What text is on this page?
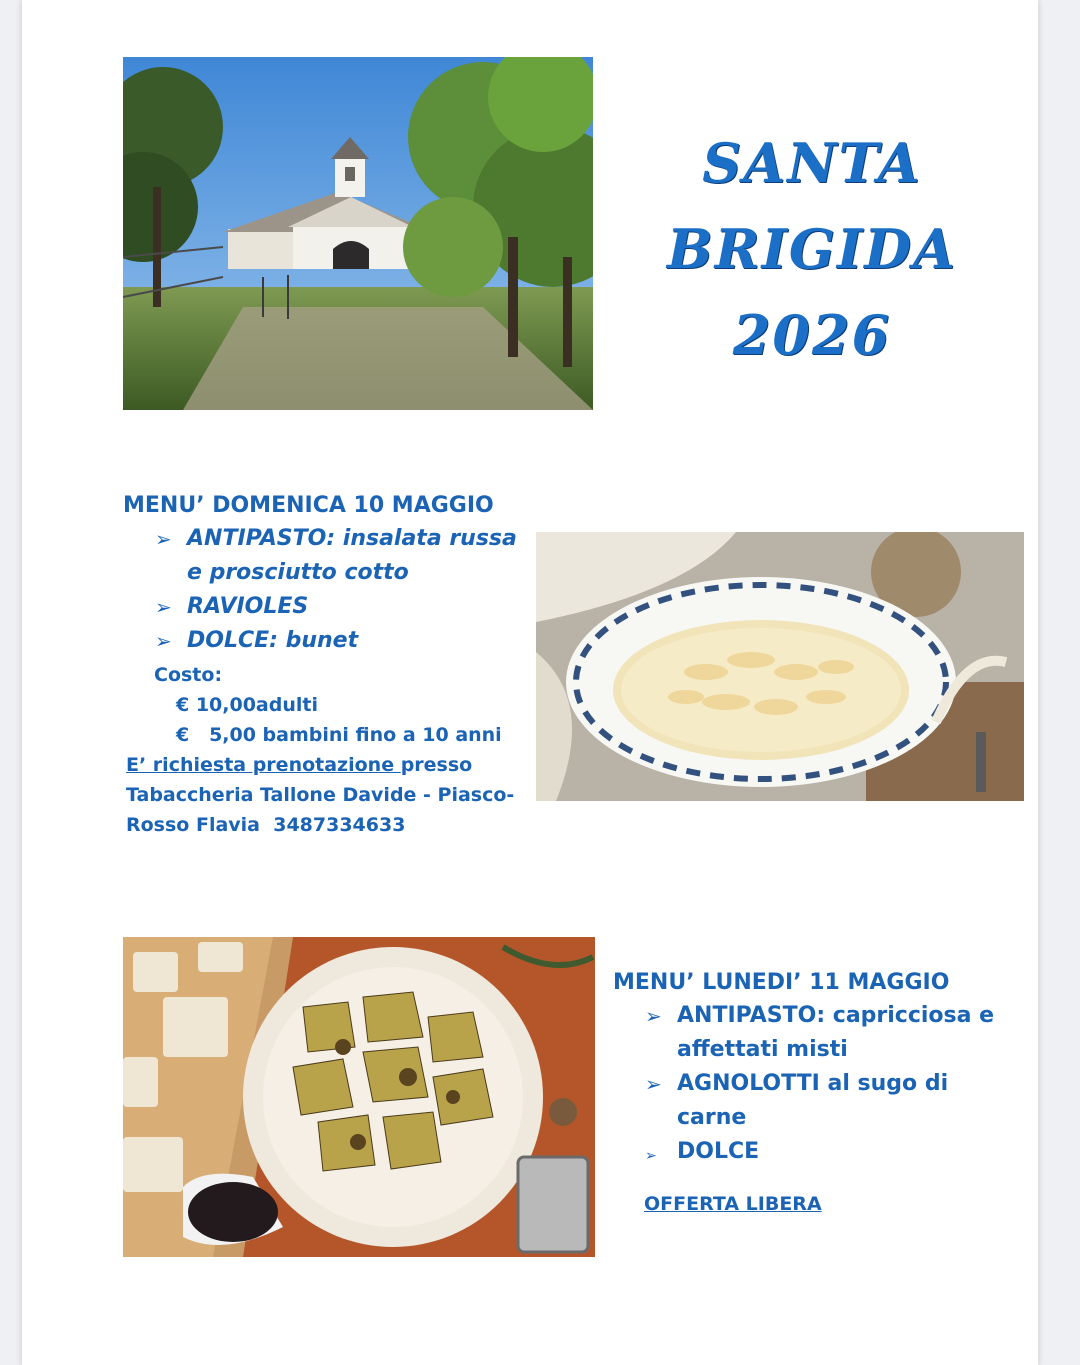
SANTA
BRIGIDA
2026
MENU’ DOMENICA 10 MAGGIO
➢ ANTIPASTO: insalata russa e prosciutto cotto
➢ RAVIOLES
➢ DOLCE: bunet
Costo:
€ 10,00adulti
€   5,00 bambini fino a 10 anni
E’ richiesta prenotazione presso
Tabaccheria Tallone Davide - Piasco-
Rosso Flavia  3487334633
MENU’ LUNEDI’ 11 MAGGIO
➢ ANTIPASTO: capricciosa e affettati misti
➢ AGNOLOTTI al sugo di carne
➢ DOLCE
OFFERTA LIBERA
